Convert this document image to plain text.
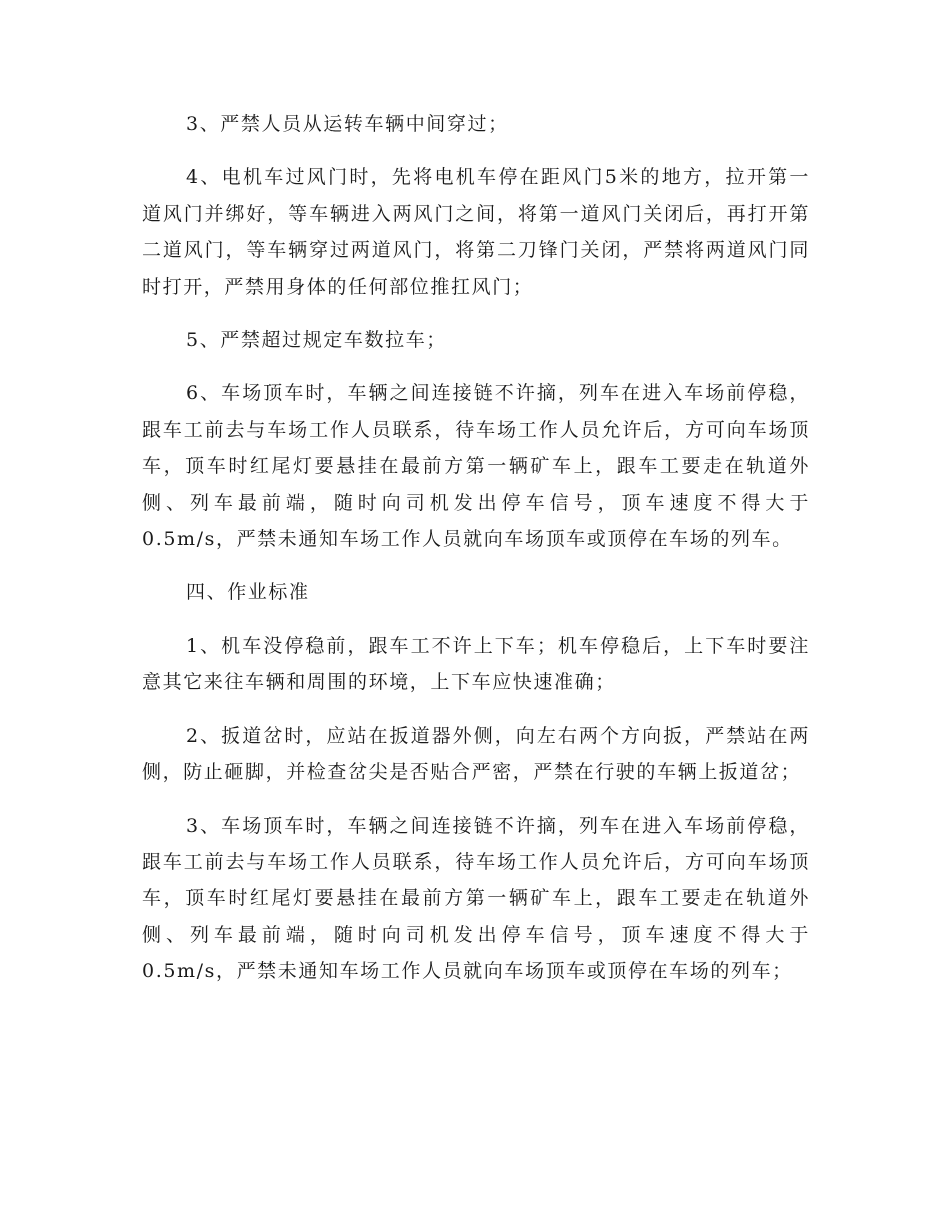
3、严禁人员从运转车辆中间穿过；

4、电机车过风门时，先将电机车停在距风门5米的地方，拉开第一道风门并绑好，等车辆进入两风门之间，将第一道风门关闭后，再打开第二道风门，等车辆穿过两道风门，将第二刀锋门关闭，严禁将两道风门同时打开，严禁用身体的任何部位推扛风门；

5、严禁超过规定车数拉车；

6、车场顶车时，车辆之间连接链不许摘，列车在进入车场前停稳，跟车工前去与车场工作人员联系，待车场工作人员允许后，方可向车场顶车，顶车时红尾灯要悬挂在最前方第一辆矿车上，跟车工要走在轨道外侧、列车最前端，随时向司机发出停车信号，顶车速度不得大于0.5m/s，严禁未通知车场工作人员就向车场顶车或顶停在车场的列车。

四、作业标准

1、机车没停稳前，跟车工不许上下车；机车停稳后，上下车时要注意其它来往车辆和周围的环境，上下车应快速准确；

2、扳道岔时，应站在扳道器外侧，向左右两个方向扳，严禁站在两侧，防止砸脚，并检查岔尖是否贴合严密，严禁在行驶的车辆上扳道岔；

3、车场顶车时，车辆之间连接链不许摘，列车在进入车场前停稳，跟车工前去与车场工作人员联系，待车场工作人员允许后，方可向车场顶车，顶车时红尾灯要悬挂在最前方第一辆矿车上，跟车工要走在轨道外侧、列车最前端，随时向司机发出停车信号，顶车速度不得大于0.5m/s，严禁未通知车场工作人员就向车场顶车或顶停在车场的列车；
